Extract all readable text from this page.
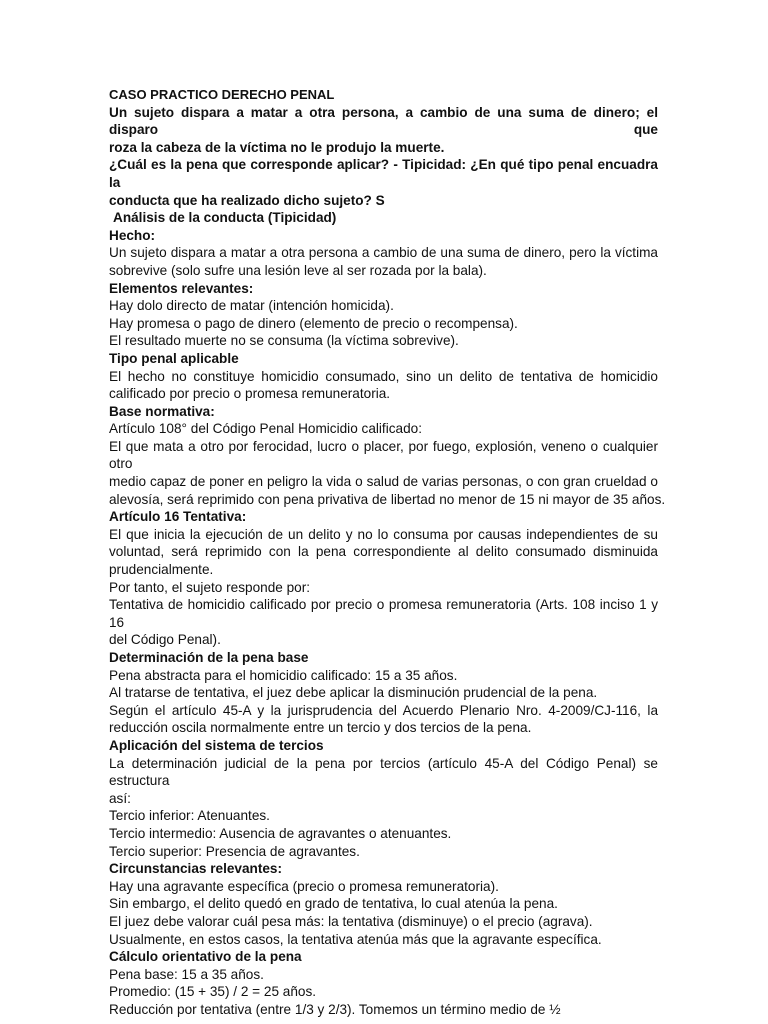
CASO PRACTICO DERECHO PENAL

Un sujeto dispara a matar a otra persona, a cambio de una suma de dinero; el disparo que

roza la cabeza de la víctima no le produjo la muerte.

¿Cuál es la pena que corresponde aplicar? - Tipicidad: ¿En qué tipo penal encuadra la

conducta que ha realizado dicho sujeto? S

Análisis de la conducta (Tipicidad)

Hecho:

Un sujeto dispara a matar a otra persona a cambio de una suma de dinero, pero la víctima

sobrevive (solo sufre una lesión leve al ser rozada por la bala).

Elementos relevantes:

Hay dolo directo de matar (intención homicida).

Hay promesa o pago de dinero (elemento de precio o recompensa).

El resultado muerte no se consuma (la víctima sobrevive).

Tipo penal aplicable

El hecho no constituye homicidio consumado, sino un delito de tentativa de homicidio

calificado por precio o promesa remuneratoria.

Base normativa:

Artículo 108° del Código Penal Homicidio calificado:

El que mata a otro por ferocidad, lucro o placer, por fuego, explosión, veneno o cualquier otro

medio capaz de poner en peligro la vida o salud de varias personas, o con gran crueldad o

alevosía, será reprimido con pena privativa de libertad no menor de 15 ni mayor de 35 años.

Artículo 16 Tentativa:

El que inicia la ejecución de un delito y no lo consuma por causas independientes de su

voluntad, será reprimido con la pena correspondiente al delito consumado disminuida

prudencialmente.

Por tanto, el sujeto responde por:

Tentativa de homicidio calificado por precio o promesa remuneratoria (Arts. 108 inciso 1 y 16

del Código Penal).

Determinación de la pena base

Pena abstracta para el homicidio calificado: 15 a 35 años.

Al tratarse de tentativa, el juez debe aplicar la disminución prudencial de la pena.

Según el artículo 45-A y la jurisprudencia del Acuerdo Plenario Nro. 4-2009/CJ-116, la

reducción oscila normalmente entre un tercio y dos tercios de la pena.

Aplicación del sistema de tercios

La determinación judicial de la pena por tercios (artículo 45-A del Código Penal) se estructura

así:

Tercio inferior: Atenuantes.

Tercio intermedio: Ausencia de agravantes o atenuantes.

Tercio superior: Presencia de agravantes.

Circunstancias relevantes:

Hay una agravante específica (precio o promesa remuneratoria).

Sin embargo, el delito quedó en grado de tentativa, lo cual atenúa la pena.

El juez debe valorar cuál pesa más: la tentativa (disminuye) o el precio (agrava).

Usualmente, en estos casos, la tentativa atenúa más que la agravante específica.

Cálculo orientativo de la pena

Pena base: 15 a 35 años.

Promedio: (15 + 35) / 2 = 25 años.

Reducción por tentativa (entre 1/3 y 2/3). Tomemos un término medio de ½
